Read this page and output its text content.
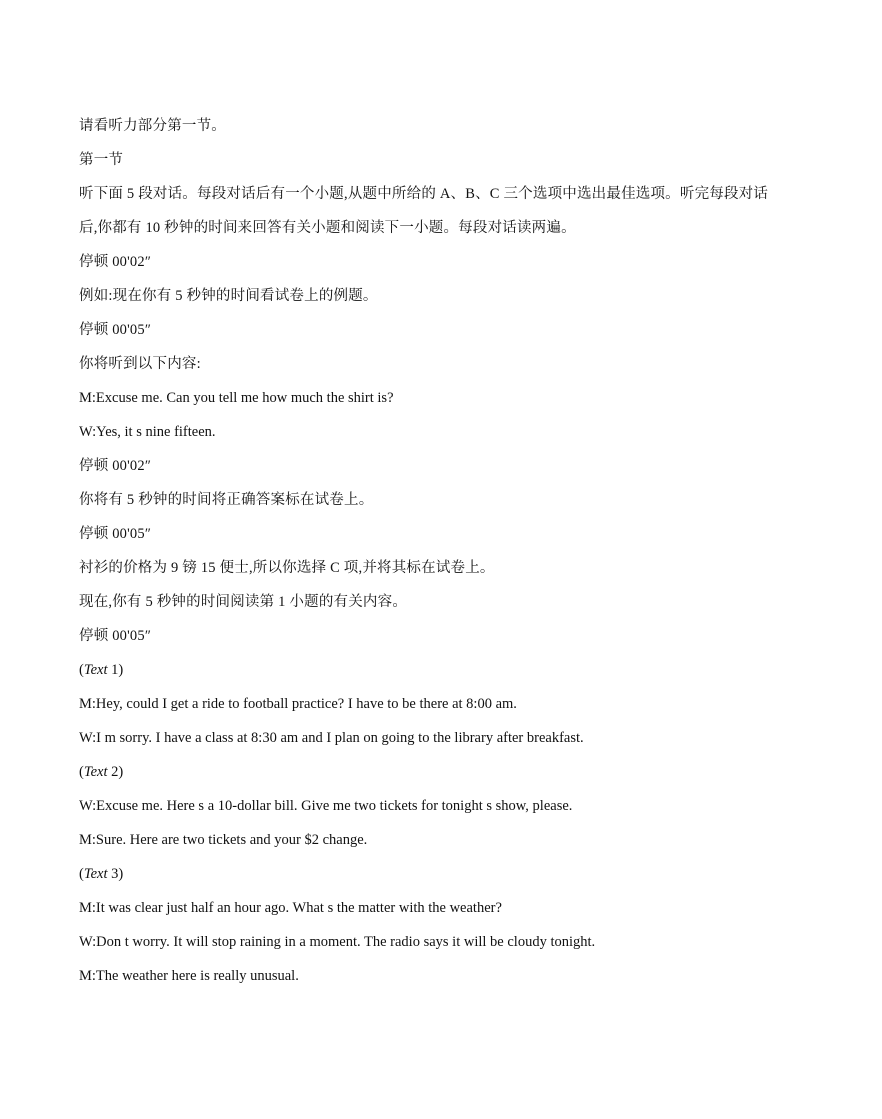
请看听力部分第一节。
第一节
听下面 5 段对话。每段对话后有一个小题,从题中所给的 A、B、C 三个选项中选出最佳选项。听完每段对话
后,你都有 10 秒钟的时间来回答有关小题和阅读下一小题。每段对话读两遍。
停顿 00'02″
例如:现在你有 5 秒钟的时间看试卷上的例题。
停顿 00'05″
你将听到以下内容:
M:Excuse me. Can you tell me how much the shirt is?
W:Yes, it s nine fifteen.
停顿 00'02″
你将有 5 秒钟的时间将正确答案标在试卷上。
停顿 00'05″
衬衫的价格为 9 镑 15 便士,所以你选择 C 项,并将其标在试卷上。
现在,你有 5 秒钟的时间阅读第 1 小题的有关内容。
停顿 00'05″
(Text 1)
M:Hey, could I get a ride to football practice? I have to be there at 8:00 am.
W:I m sorry. I have a class at 8:30 am and I plan on going to the library after breakfast.
(Text 2)
W:Excuse me. Here s a 10-dollar bill. Give me two tickets for tonight s show, please.
M:Sure. Here are two tickets and your $2 change.
(Text 3)
M:It was clear just half an hour ago. What s the matter with the weather?
W:Don t worry. It will stop raining in a moment. The radio says it will be cloudy tonight.
M:The weather here is really unusual.
